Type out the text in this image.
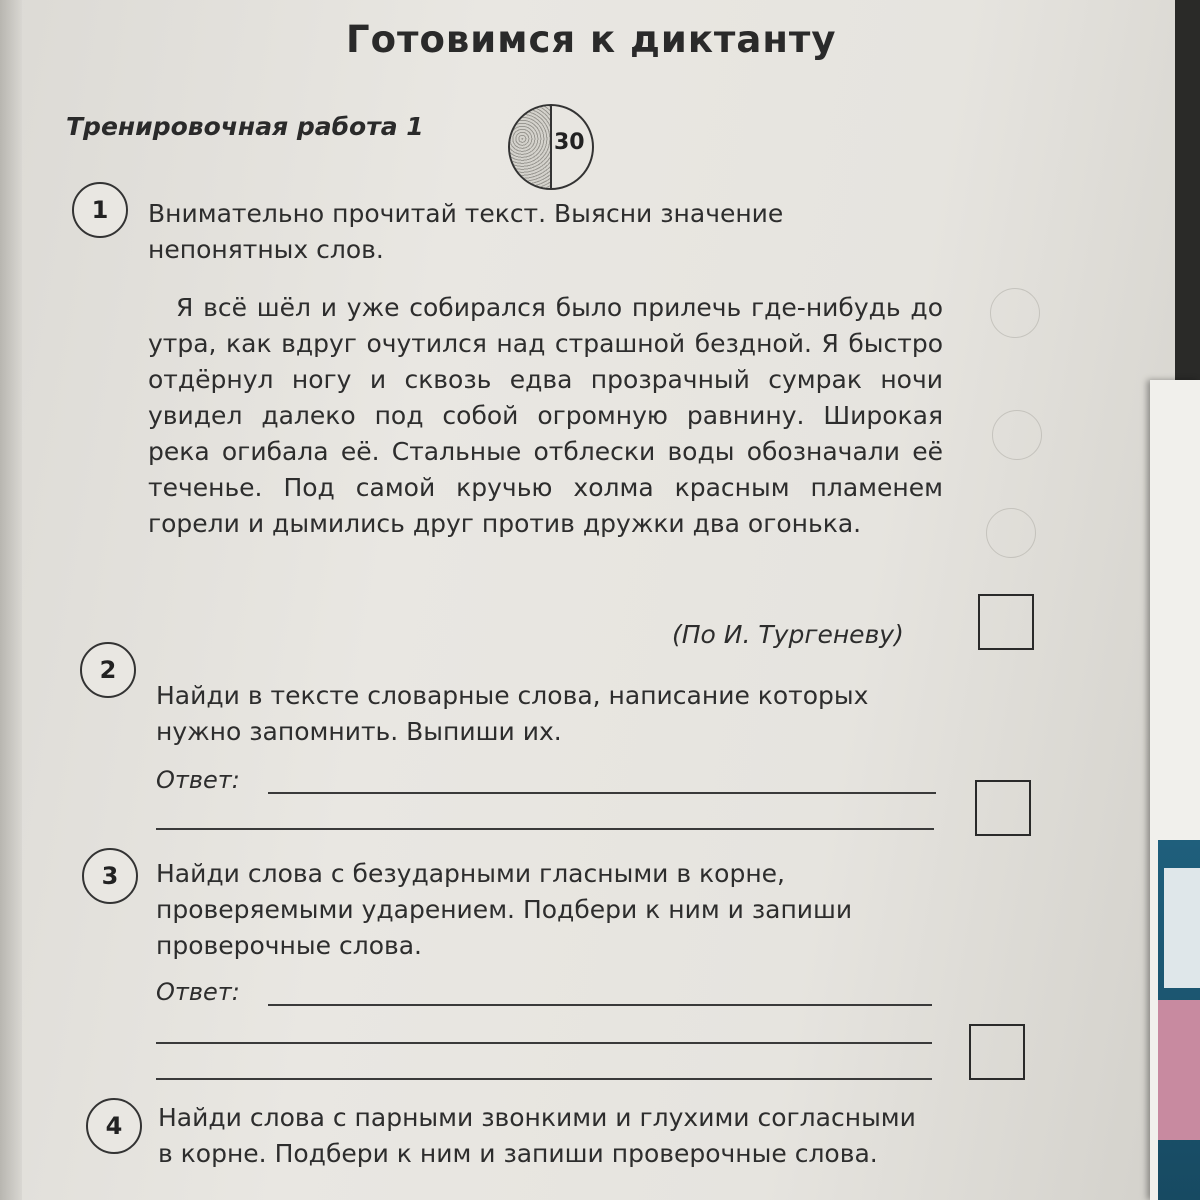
Готовимся к диктанту
Тренировочная работа 1
30
1	Внимательно прочитай текст. Выясни значение непонятных слов.
Я всё шёл и уже собирался было прилечь где-нибудь до утра, как вдруг очутился над страшной бездной. Я быстро отдёрнул ногу и сквозь едва прозрачный сумрак ночи увидел далеко под собой огромную равнину. Широкая река огибала её. Стальные отблески воды обозначали её теченье. Под самой кручью холма красным пламенем горели и дымились друг против дружки два огонька.
(По И. Тургеневу)
2
Найди в тексте словарные слова, написание которых нужно запомнить. Выпиши их.
Ответ:
3	Найди слова с безударными гласными в корне, проверяемыми ударением. Подбери к ним и запиши проверочные слова.
Ответ:
4	Найди слова с парными звонкими и глухими согласными в корне. Подбери к ним и запиши проверочные слова.
